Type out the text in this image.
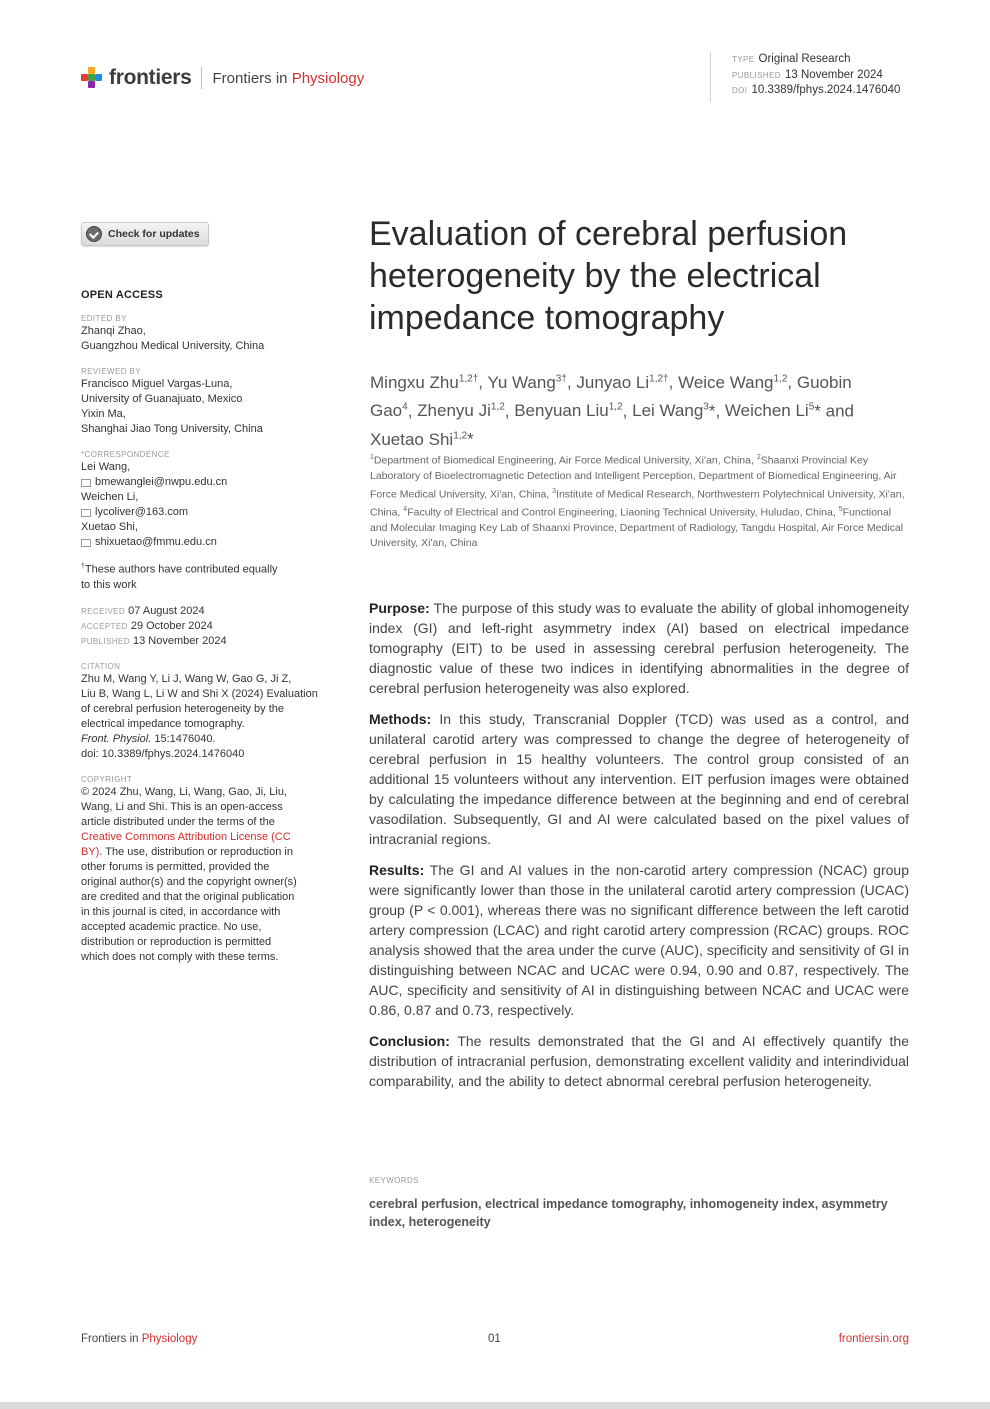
frontiers Frontiers in Physiology
TYPE Original Research
PUBLISHED 13 November 2024
DOI 10.3389/fphys.2024.1476040
Check for updates
OPEN ACCESS
EDITED BY
Zhanqi Zhao,
Guangzhou Medical University, China
REVIEWED BY
Francisco Miguel Vargas-Luna,
University of Guanajuato, Mexico
Yixin Ma,
Shanghai Jiao Tong University, China
*CORRESPONDENCE
Lei Wang,
bmewanglei@nwpu.edu.cn
Weichen Li,
lycoliver@163.com
Xuetao Shi,
shixuetao@fmmu.edu.cn
†These authors have contributed equally
to this work
RECEIVED 07 August 2024
ACCEPTED 29 October 2024
PUBLISHED 13 November 2024
CITATION
Zhu M, Wang Y, Li J, Wang W, Gao G, Ji Z,
Liu B, Wang L, Li W and Shi X (2024) Evaluation
of cerebral perfusion heterogeneity by the
electrical impedance tomography.
Front. Physiol. 15:1476040.
doi: 10.3389/fphys.2024.1476040
COPYRIGHT
© 2024 Zhu, Wang, Li, Wang, Gao, Ji, Liu,
Wang, Li and Shi. This is an open-access
article distributed under the terms of the
Creative Commons Attribution License (CC
BY). The use, distribution or reproduction in
other forums is permitted, provided the
original author(s) and the copyright owner(s)
are credited and that the original publication
in this journal is cited, in accordance with
accepted academic practice. No use,
distribution or reproduction is permitted
which does not comply with these terms.
Evaluation of cerebral perfusion heterogeneity by the electrical impedance tomography
Mingxu Zhu$^{1,2\dagger}$, Yu Wang$^{3\dagger}$, Junyao $Li^{1,2\dagger}$, Weice Wang$^{1,2}$, Guobin Gao$^4$, Zhenyu Ji$^{1,2}$, Benyuan Liu$^{1,2}$, Lei Wang$^3$*, Weichen Li$^5$* and Xuetao Shi$^{1,2}$*
$^1$Department of Biomedical Engineering, Air Force Medical University, Xi'an, China, $^2$Shaanxi Provincial Key Laboratory of Bioelectromagnetic Detection and Intelligent Perception, Department of Biomedical Engineering, Air Force Medical University, Xi'an, China, $^3$Institute of Medical Research, Northwestern Polytechnical University, Xi'an, China, $^4$Faculty of Electrical and Control Engineering, Liaoning Technical University, Huludao, China, $^5$Functional and Molecular Imaging Key Lab of Shaanxi Province, Department of Radiology, Tangdu Hospital, Air Force Medical University, Xi'an, China

Purpose: The purpose of this study was to evaluate the ability of global inhomogeneity index (GI) and left-right asymmetry index (AI) based on electrical impedance tomography (EIT) to be used in assessing cerebral perfusion heterogeneity. The diagnostic value of these two indices in identifying abnormalities in the degree of cerebral perfusion heterogeneity was also explored.

Methods: In this study, Transcranial Doppler (TCD) was used as a control, and unilateral carotid artery was compressed to change the degree of heterogeneity of cerebral perfusion in 15 healthy volunteers. The control group consisted of an additional 15 volunteers without any intervention. EIT perfusion images were obtained by calculating the impedance difference between at the beginning and end of cerebral vasodilation. Subsequently, GI and AI were calculated based on the pixel values of intracranial regions.

Results: The GI and AI values in the non-carotid artery compression (NCAC) group were significantly lower than those in the unilateral carotid artery compression (UCAC) group (P < 0.001), whereas there was no significant difference between the left carotid artery compression (LCAC) and right carotid artery compression (RCAC) groups. ROC analysis showed that the area under the curve (AUC), specificity and sensitivity of GI in distinguishing between NCAC and UCAC were 0.94, 0.90 and 0.87, respectively. The AUC, specificity and sensitivity of AI in distinguishing between NCAC and UCAC were 0.86, 0.87 and 0.73, respectively.

Conclusion: The results demonstrated that the GI and AI effectively quantify the distribution of intracranial perfusion, demonstrating excellent validity and interindividual comparability, and the ability to detect abnormal cerebral perfusion heterogeneity.

KEYWORDS
cerebral perfusion, electrical impedance tomography, inhomogeneity index, asymmetry index, heterogeneity
Frontiers in Physiology	01	frontiersin.org
